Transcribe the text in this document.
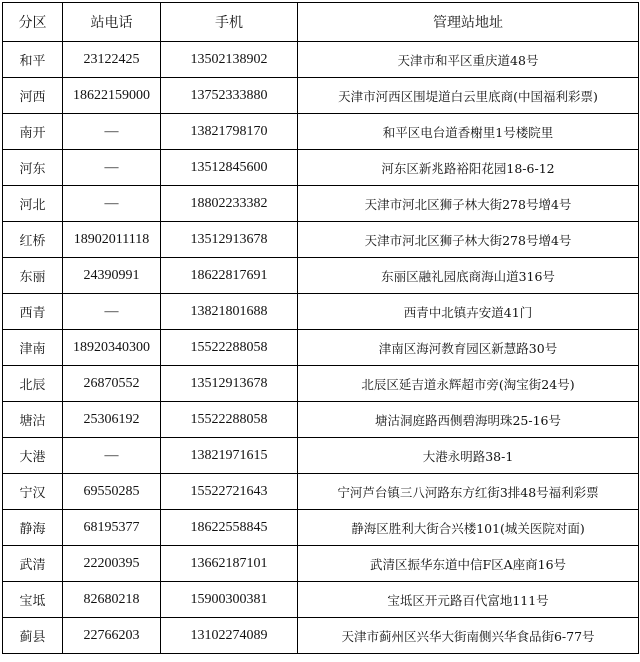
分区	站电话	手机	管理站地址
和平	23122425	13502138902	天津市和平区重庆道48号
河西	18622159000	13752333880	天津市河西区围堤道白云里底商(中国福利彩票)
南开	—	13821798170	和平区电台道香榭里1号楼院里
河东	—	13512845600	河东区新兆路裕阳花园18-6-12
河北	—	18802233382	天津市河北区狮子林大街278号增4号
红桥	18902011118	13512913678	天津市河北区狮子林大街278号增4号
东丽	24390991	18622817691	东丽区融礼园底商海山道316号
西青	—	13821801688	西青中北镇卉安道41门
津南	18920340300	15522288058	津南区海河教育园区新慧路30号
北辰	26870552	13512913678	北辰区延吉道永辉超市旁(淘宝街24号)
塘沽	25306192	15522288058	塘沽洞庭路西侧碧海明珠25-16号
大港	—	13821971615	大港永明路38-1
宁汉	69550285	15522721643	宁河芦台镇三八河路东方红街3排48号福利彩票
静海	68195377	18622558845	静海区胜利大街合兴楼101(城关医院对面)
武清	22200395	13662187101	武清区振华东道中信F区A座商16号
宝坻	82680218	15900300381	宝坻区开元路百代富地111号
蓟县	22766203	13102274089	天津市蓟州区兴华大街南侧兴华食品街6-77号
